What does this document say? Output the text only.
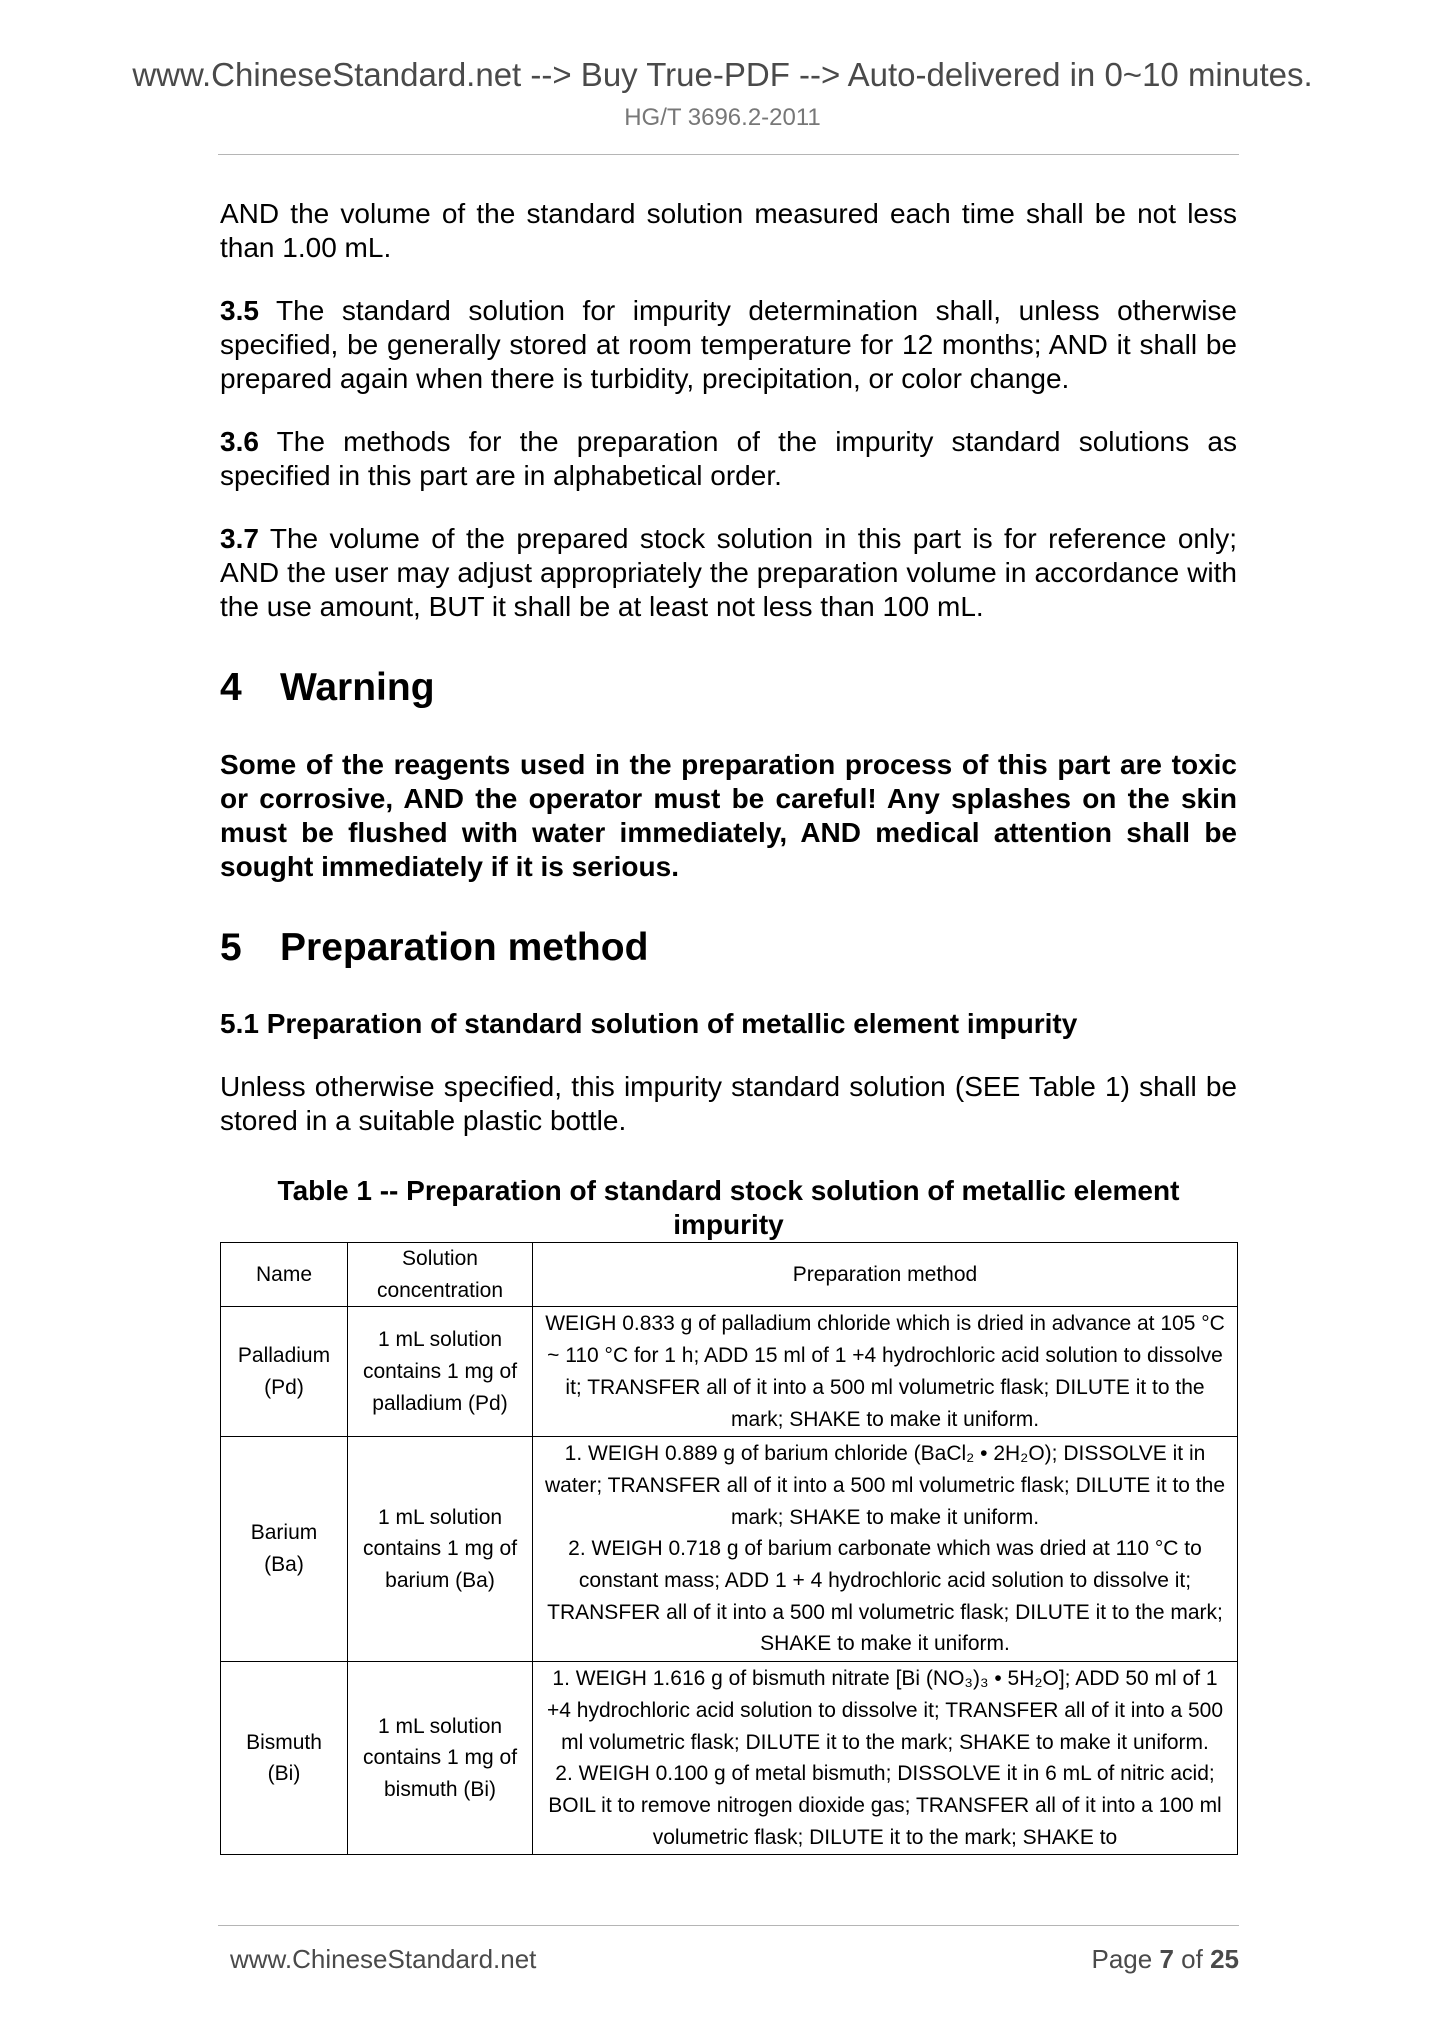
www.ChineseStandard.net --> Buy True-PDF --> Auto-delivered in 0~10 minutes.
HG/T 3696.2-2011

AND the volume of the standard solution measured each time shall be not less than 1.00 mL.

3.5 The standard solution for impurity determination shall, unless otherwise specified, be generally stored at room temperature for 12 months; AND it shall be prepared again when there is turbidity, precipitation, or color change.

3.6 The methods for the preparation of the impurity standard solutions as specified in this part are in alphabetical order.

3.7 The volume of the prepared stock solution in this part is for reference only; AND the user may adjust appropriately the preparation volume in accordance with the use amount, BUT it shall be at least not less than 100 mL.

4 Warning

Some of the reagents used in the preparation process of this part are toxic or corrosive, AND the operator must be careful! Any splashes on the skin must be flushed with water immediately, AND medical attention shall be sought immediately if it is serious.

5 Preparation method
5.1 Preparation of standard solution of metallic element impurity

Unless otherwise specified, this impurity standard solution (SEE Table 1) shall be stored in a suitable plastic bottle.

Table 1 -- Preparation of standard stock solution of metallic element impurity
Name	Solution concentration	Preparation method
Palladium (Pd)	1 mL solution contains 1 mg of palladium (Pd)	WEIGH 0.833 g of palladium chloride which is dried in advance at 105 °C ~ 110 °C for 1 h; ADD 15 ml of 1 +4 hydrochloric acid solution to dissolve it; TRANSFER all of it into a 500 ml volumetric flask; DILUTE it to the mark; SHAKE to make it uniform.

Barium (Ba)	1 mL solution contains 1 mg of barium (Ba)	1. WEIGH 0.889 g of barium chloride (BaCl₂ • 2H₂O); DISSOLVE it in water; TRANSFER all of it into a 500 ml volumetric flask; DILUTE it to the mark; SHAKE to make it uniform.
2. WEIGH 0.718 g of barium carbonate which was dried at 110 °C to constant mass; ADD 1 + 4 hydrochloric acid solution to dissolve it; TRANSFER all of it into a 500 ml volumetric flask; DILUTE it to the mark; SHAKE to make it uniform.

Bismuth (Bi)	1 mL solution contains 1 mg of bismuth (Bi)	1. WEIGH 1.616 g of bismuth nitrate [Bi (NO₃)₃ • 5H₂O]; ADD 50 ml of 1 +4 hydrochloric acid solution to dissolve it; TRANSFER all of it into a 500 ml volumetric flask; DILUTE it to the mark; SHAKE to make it uniform.
2. WEIGH 0.100 g of metal bismuth; DISSOLVE it in 6 mL of nitric acid; BOIL it to remove nitrogen dioxide gas; TRANSFER all of it into a 100 ml volumetric flask; DILUTE it to the mark; SHAKE to
www.ChineseStandard.net	Page 7 of 25
